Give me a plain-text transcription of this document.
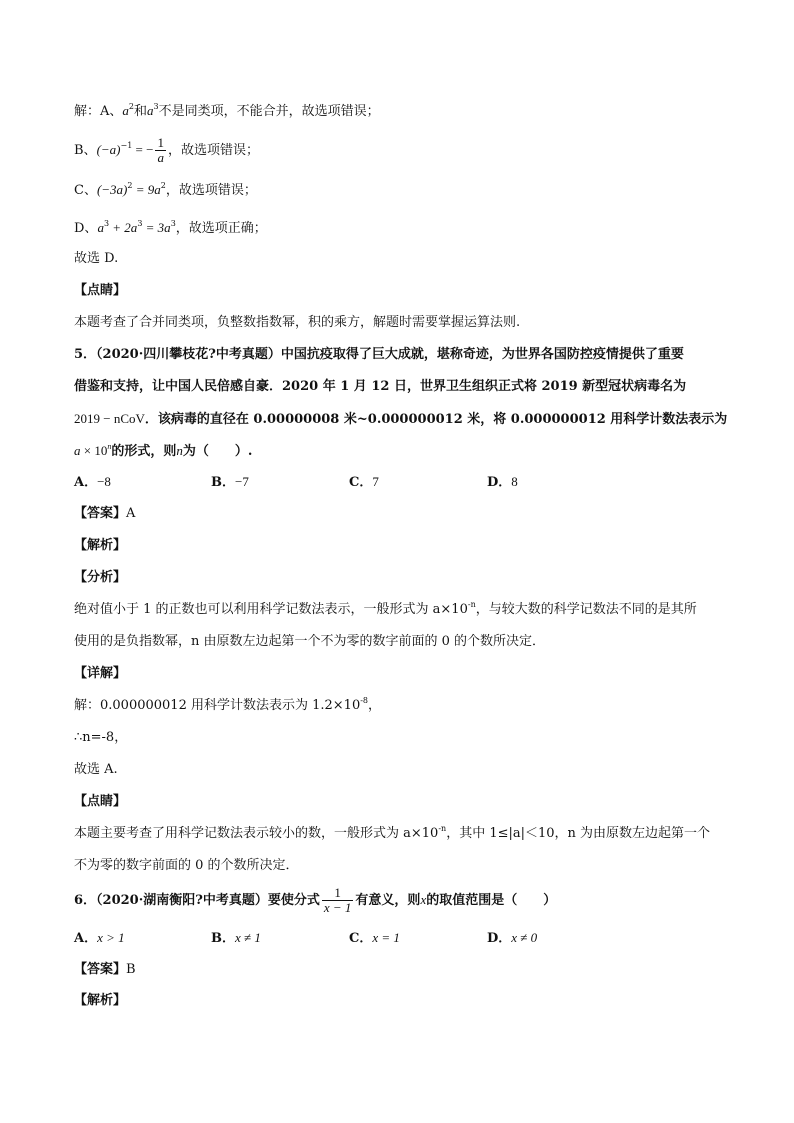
解：A、$a^2$和$a^3$不是同类项，不能合并，故选项错误；
B、$(-a)^{-1}$ = − $\frac{1}{a}$ ，故选项错误；
C、$(-3a)^2 = 9a^2$，故选项错误；
D、$a^3 + 2a^3 = 3a^3$，故选项正确；
故选 D.
【点睛】
本题考查了合并同类项，负整数指数幂，积的乘方，解题时需要掌握运算法则.
5．（2020·四川攀枝花?中考真题）中国抗疫取得了巨大成就，堪称奇迹，为世界各国防控疫情提供了重要
借鉴和支持，让中国人民倍感自豪．2020 年 1 月 12 日，世界卫生组织正式将 2019 新型冠状病毒名为
2019 − nCoV．该病毒的直径在 0.00000008 米~0.000000012 米，将 0.000000012 用科学计数法表示为
$a \times 10^n$的形式，则n为（　　）.
A．−8	B．−7	C．7	D．8
【答案】A
【解析】
【分析】
绝对值小于 1 的正数也可以利用科学记数法表示，一般形式为 $a\times 10^{-n}$，与较大数的科学记数法不同的是其所
使用的是负指数幂，n 由原数左边起第一个不为零的数字前面的 0 的个数所决定．
【详解】
解：0.000000012 用科学计数法表示为 $1.2\times 10^{-8}$，
∴n=-8，
故选 A.
【点睛】
本题主要考查了用科学记数法表示较小的数，一般形式为 $a\times 10^{-n}$，其中 1≤|a|＜10，n 为由原数左边起第一个
不为零的数字前面的 0 的个数所决定．
6．（2020·湖南衡阳?中考真题）要使分式 $\frac{1}{x - 1}$ 有意义，则x的取值范围是（　　）
A．x > 1	B．x ≠ 1	C．x = 1	D．x ≠ 0
【答案】B
【解析】
